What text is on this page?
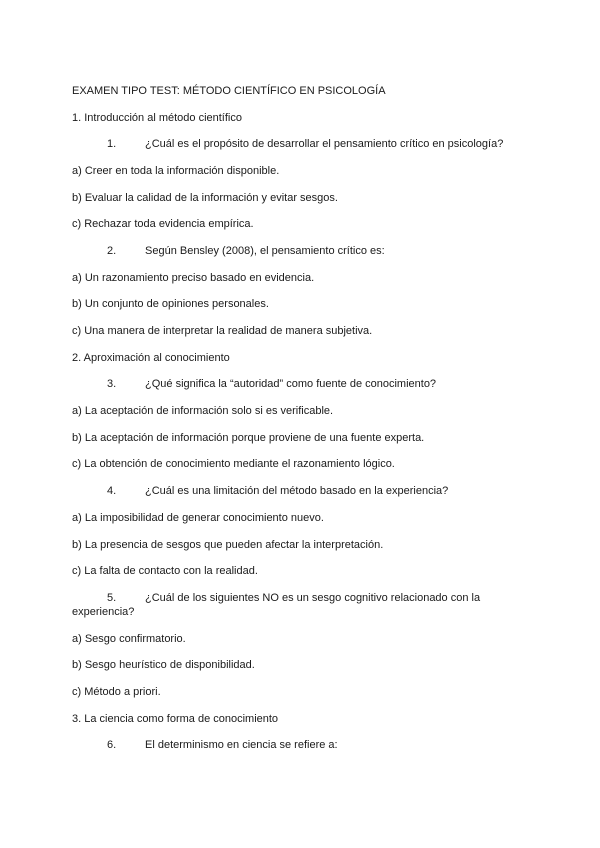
EXAMEN TIPO TEST: MÉTODO CIENTÍFICO EN PSICOLOGÍA
1. Introducción al método científico
1.	¿Cuál es el propósito de desarrollar el pensamiento crítico en psicología?
a) Creer en toda la información disponible.
b) Evaluar la calidad de la información y evitar sesgos.
c) Rechazar toda evidencia empírica.
2.	Según Bensley (2008), el pensamiento crítico es:
a) Un razonamiento preciso basado en evidencia.
b) Un conjunto de opiniones personales.
c) Una manera de interpretar la realidad de manera subjetiva.
2. Aproximación al conocimiento
3.	¿Qué significa la “autoridad” como fuente de conocimiento?
a) La aceptación de información solo si es verificable.
b) La aceptación de información porque proviene de una fuente experta.
c) La obtención de conocimiento mediante el razonamiento lógico.
4.	¿Cuál es una limitación del método basado en la experiencia?
a) La imposibilidad de generar conocimiento nuevo.
b) La presencia de sesgos que pueden afectar la interpretación.
c) La falta de contacto con la realidad.
5.	¿Cuál de los siguientes NO es un sesgo cognitivo relacionado con la
experiencia?
a) Sesgo confirmatorio.
b) Sesgo heurístico de disponibilidad.
c) Método a priori.
3. La ciencia como forma de conocimiento
6.	El determinismo en ciencia se refiere a:
